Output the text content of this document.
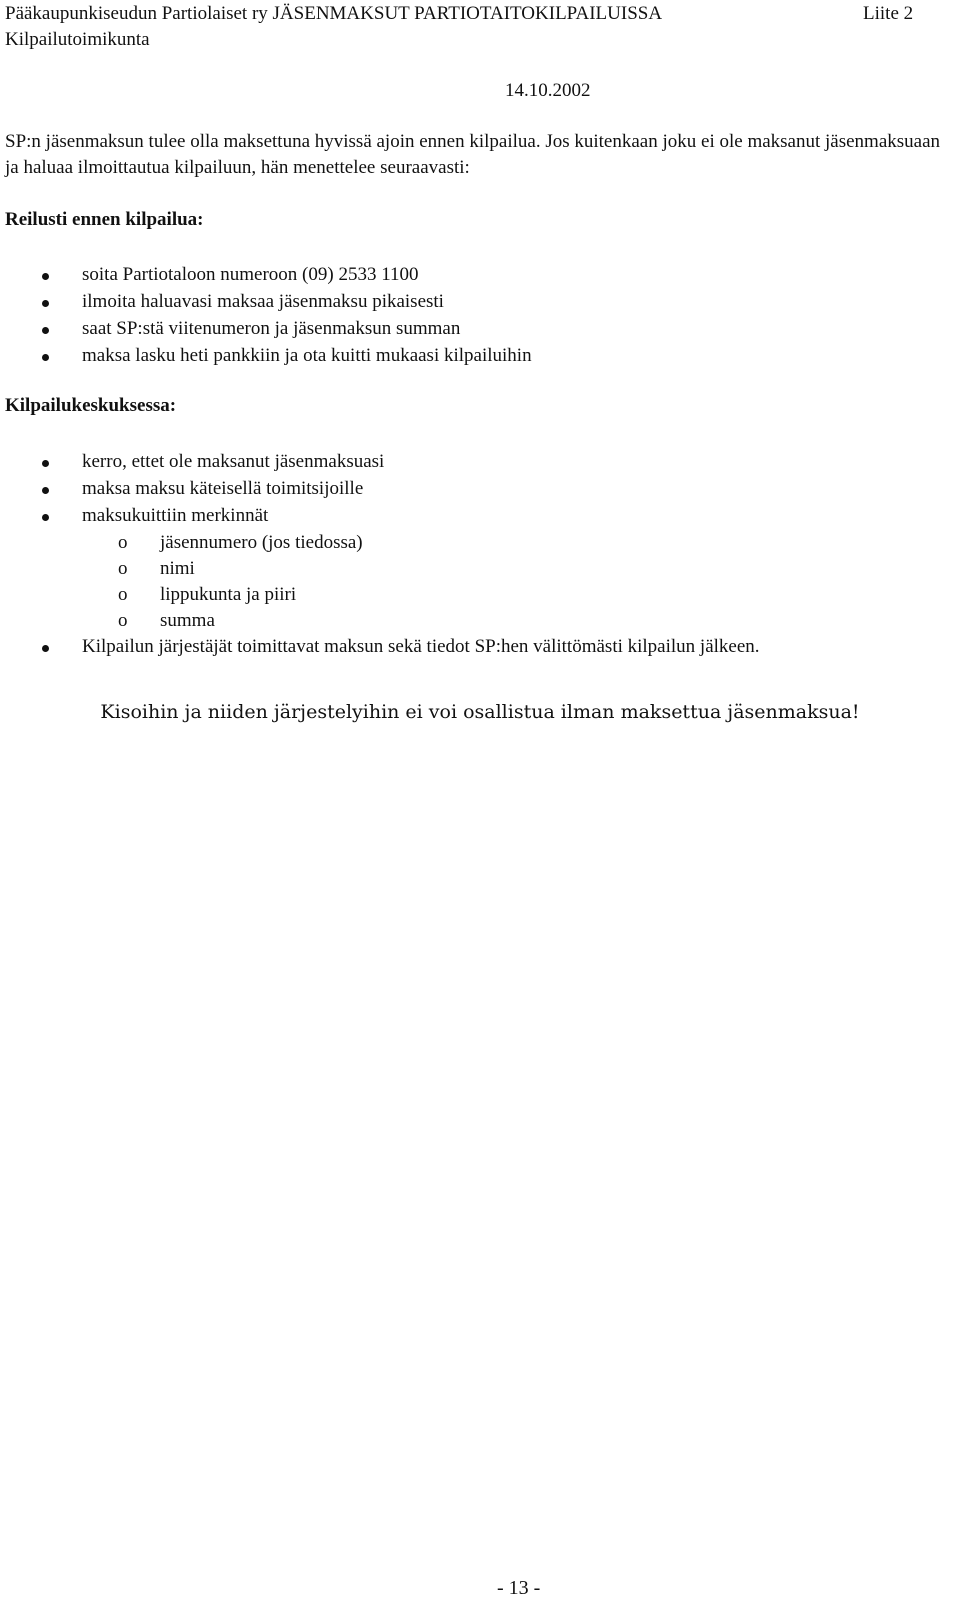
Pääkaupunkiseudun Partiolaiset ry JÄSENMAKSUT PARTIOTAITOKILPAILUISSA	Liite 2
Kilpailutoimikunta
14.10.2002

SP:n jäsenmaksun tulee olla maksettuna hyvissä ajoin ennen kilpailua. Jos kuitenkaan joku ei ole maksanut jäsenmaksuaan ja haluaa ilmoittautua kilpailuun, hän menettelee seuraavasti:

Reilusti ennen kilpailua:
soita Partiotaloon numeroon (09) 2533 1100
ilmoita haluavasi maksaa jäsenmaksu pikaisesti
saat SP:stä viitenumeron ja jäsenmaksun summan
maksa lasku heti pankkiin ja ota kuitti mukaasi kilpailuihin
Kilpailukeskuksessa:
kerro, ettet ole maksanut jäsenmaksuasi
maksa maksu käteisellä toimitsijoille
maksukuittiin merkinnät
o jäsennumero (jos tiedossa)
o nimi
o lippukunta ja piiri
o summa
Kilpailun järjestäjät toimittavat maksun sekä tiedot SP:hen välittömästi kilpailun jälkeen.

Kisoihin ja niiden järjestelyihin ei voi osallistua ilman maksettua jäsenmaksua!

- 13 -
